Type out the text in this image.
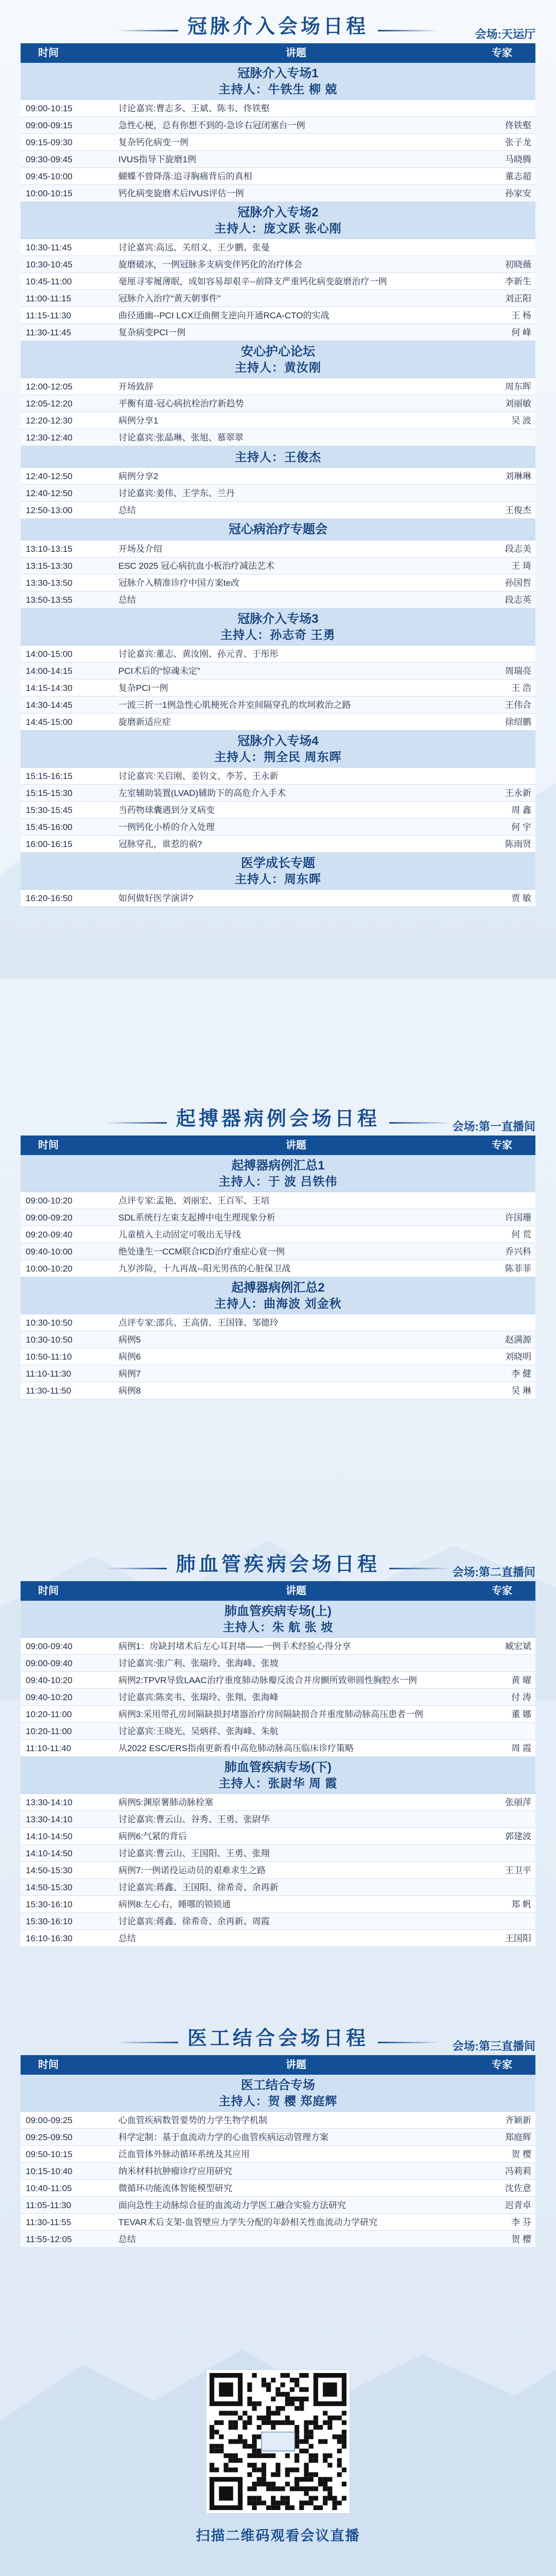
冠脉介入会场日程	会场:天运厅
时间	讲题	专家
冠脉介入专场1
主持人：牛铁生 柳 兢
09:00-10:15	讨论嘉宾:曹志多、王斌、陈韦、佟铁壑
09:00-09:15	急性心梗，总有你想不到的-急诊右冠闭塞台一例	佟铁壑
09:15-09:30	复杂钙化病变一例	张子龙
09:30-09:45	IVUS指导下旋磨1例	马晓腾
09:45-10:00	蝴蝶不曾降落:追寻胸痛背后的真相	董志超
10:00-10:15	钙化病变旋磨术后IVUS评估一例	孙家安
冠脉介入专场2
主持人：庞文跃 张心刚
10:30-11:45	讨论嘉宾:高远、关绍义、王少鹏、张曼
10:30-10:45	旋磨破冰，一例冠脉多支病变伴钙化的治疗体会	初晓薇
10:45-11:00	毫厘寻零履薄眠，成如容易却艰辛--前降支严重钙化病变旋磨治疗一例	李新生
11:00-11:15	冠脉介入治疗“黄天朝事件”	刘正阳
11:15-11:30	曲径通幽--PCI LCX迂曲侧支逆向开通RCA-CTO的实战	王 杨
11:30-11:45	复杂病变PCI一例	何 峰
安心护心论坛
主持人：黄汝刚
12:00-12:05	开场致辞	周东晖
12:05-12:20	平衡有道-冠心病抗栓治疗新趋势	刘丽敏
12:20-12:30	病例分享1	吴 波
12:30-12:40	讨论嘉宾:张晶琳、张旭、慕翠翠
主持人：王俊杰
12:40-12:50	病例分享2	刘琳琳
12:40-12:50	讨论嘉宾:姜伟、王学东、兰丹
12:50-13:00	总结	王俊杰
冠心病治疗专题会
13:10-13:15	开场及介绍	段志美
13:15-13:30	ESC 2025 冠心病抗血小板治疗减法艺术	王 琦
13:30-13:50	冠脉介入精准诊疗中国方案te改	孙国哲
13:50-13:55	总结	段志英
冠脉介入专场3
主持人：孙志奇 王勇
14:00-15:00	讨论嘉宾:董志、黄汝刚、孙元青、于彤彤
14:00-14:15	PCI术后的“惊魂未定”	周瑞亮
14:15-14:30	复杂PCI一例	王 浩
14:30-14:45	一波三折一1例急性心肌梗死合并室间隔穿孔的坎坷救治之路	王伟合
14:45-15:00	旋磨新适应症	徐绍鹏
冠脉介入专场4
主持人：荆全民 周东晖
15:15-16:15	讨论嘉宾:关启刚、姜钧文、李芳、王永新
15:15-15:30	左室辅助装置(LVAD)辅助下的高危介入手术	王永新
15:30-15:45	当药物球囊遇到分叉病变	周 鑫
15:45-16:00	一例钙化小桥的介入处理	何 宇
16:00-16:15	冠脉穿孔，谁惹的祸?	陈雨贤
医学成长专题
主持人：周东晖
16:20-16:50	如何做好医学演讲?	贾 敏
起搏器病例会场日程	会场:第一直播间
时间	讲题	专家
起搏器病例汇总1
主持人：于 波 吕铁伟
09:00-10:20	点评专家:孟艳、刘丽宏、王百军、王培
09:00-09:20	SDL系统行左束支起搏中电生理现象分析	许国珊
09:20-09:40	儿童植入主动固定可吸出无导线	何 荒
09:40-10:00	绝处逢生一CCM联合ICD治疗重症心衰一例	乔兴科
10:00-10:20	九岁涉险，十九再战--阳光男孩的心脏保卫战	陈菲菲
起搏器病例汇总2
主持人：曲海波 刘金秋
10:30-10:50	点评专家:邵兵、王高倩、王国锋、邹德玲
10:30-10:50	病例5	赵满源
10:50-11:10	病例6	刘晓明
11:10-11:30	病例7	李 健
11:30-11:50	病例8	吴 琳
肺血管疾病会场日程	会场:第二直播间
时间	讲题	专家
肺血管疾病专场(上)
主持人：朱 航 张 坡
09:00-09:40	病例1：房缺封堵术后左心耳封堵——一例手术经验心得分享	臧宏斌
09:00-09:40	讨论嘉宾:张广利、张瑞玲、张海峰、张坡
09:40-10:20	病例2:TPVR导致LAAC治疗重度肺动脉瓣反流合并房颤所致卵圆性胸腔水一例	黄 曜
09:40-10:20	讨论嘉宾:陈奕韦、张瑞玲、张翔、张海峰	付 涛
10:20-11:00	病例3:采用带孔房间隔缺损封堵器治疗房间隔缺损合并重度肺动脉高压患者一例	董 娜
10:20-11:00	讨论嘉宾:王晓光、吴炳祥、张海峰、朱航
11:10-11:40	从2022 ESC/ERS指南更新看中高危肺动脉高压临床诊疗策略	周 霞
肺血管疾病专场(下)
主持人：张尉华 周 霞
13:30-14:10	病例5:渊原薯肺动脉栓塞	张丽萍
13:30-14:10	讨论嘉宾:曹云山、谷秀、王勇、张尉华
14:10-14:50	病例6:气紧的背后	郭建波
14:10-14:50	讨论嘉宾:曹云山、王国阳、王勇、张翔
14:50-15:30	病例7:一例诺役运动员的艰难求生之路	王卫平
14:50-15:30	讨论嘉宾:蒋鑫、王国阳、徐希奇、余再新
15:30-16:10	病例8:左心右，睡哪的锁锁通	郑 帆
15:30-16:10	讨论嘉宾:蒋鑫、徐希奇、余再新、周霞
16:10-16:30	总结	王国阳
医工结合会场日程	会场:第三直播间
时间	讲题	专家
医工结合专场
主持人：贺 樱 郑庭辉
09:00-09:25	心血管疾病数管要势的力学生物学机制	齐颖新
09:25-09:50	科学定制：基于血流动力学的心血管疾病运动管理方案	郑庭辉
09:50-10:15	泛血管体外脉动循环系统及其应用	贺 樱
10:15-10:40	纳米材料抗肿瘤诊疗应用研究	冯莉莉
10:40-11:05	微循环功能流体智能模型研究	沈佐意
11:05-11:30	面向急性主动脉综合征的血流动力学医工融合实验方法研究	迟青卓
11:30-11:55	TEVAR术后支架-血管壁应力学失分配的年龄相关性血流动力学研究	李 芬
11:55-12:05	总结	贺 樱
扫描二维码观看会议直播
